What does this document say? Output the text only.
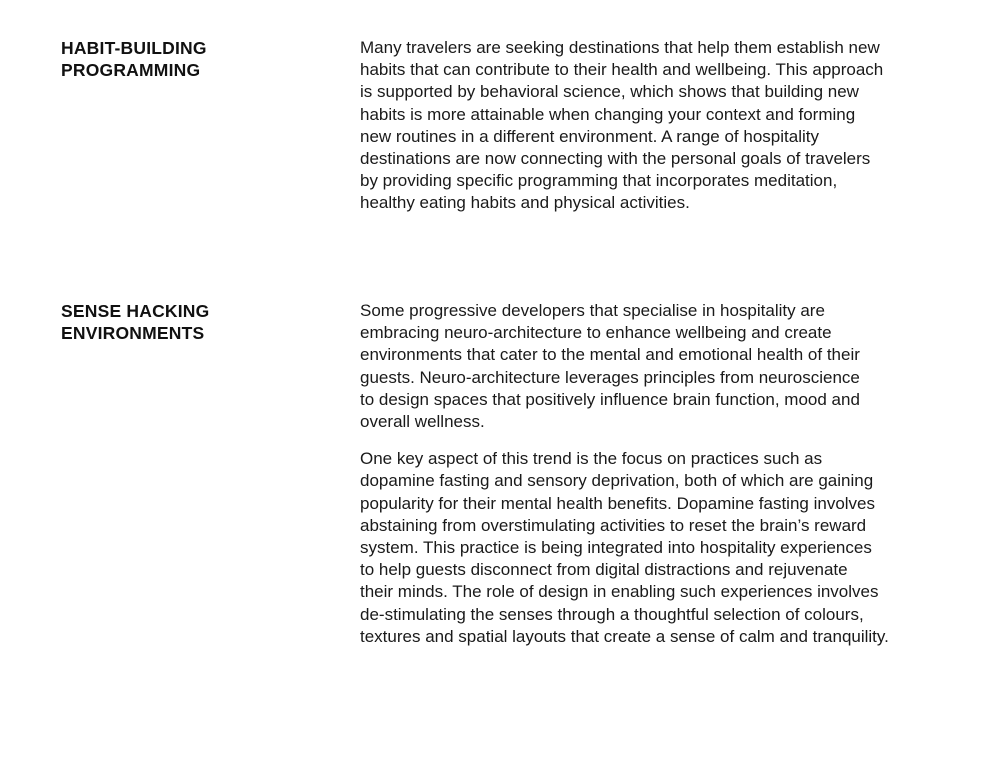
HABIT-BUILDING
PROGRAMMING

Many travelers are seeking destinations that help them establish new
habits that can contribute to their health and wellbeing. This approach
is supported by behavioral science, which shows that building new
habits is more attainable when changing your context and forming
new routines in a different environment. A range of hospitality
destinations are now connecting with the personal goals of travelers
by providing specific programming that incorporates meditation,
healthy eating habits and physical activities.

SENSE HACKING
ENVIRONMENTS

Some progressive developers that specialise in hospitality are
embracing neuro-architecture to enhance wellbeing and create
environments that cater to the mental and emotional health of their
guests. Neuro-architecture leverages principles from neuroscience
to design spaces that positively influence brain function, mood and
overall wellness.

One key aspect of this trend is the focus on practices such as
dopamine fasting and sensory deprivation, both of which are gaining
popularity for their mental health benefits. Dopamine fasting involves
abstaining from overstimulating activities to reset the brain’s reward
system. This practice is being integrated into hospitality experiences
to help guests disconnect from digital distractions and rejuvenate
their minds. The role of design in enabling such experiences involves
de-stimulating the senses through a thoughtful selection of colours,
textures and spatial layouts that create a sense of calm and tranquility.
